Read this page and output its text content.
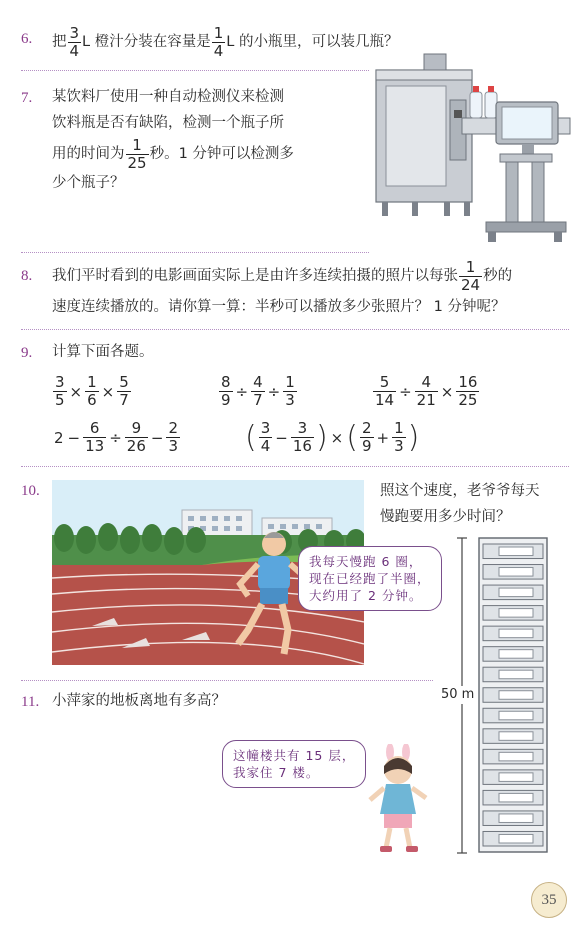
6. 把 $\frac{3}{4}$ L 橙汁分装在容量是 $\frac{1}{4}$ L 的小瓶里，可以装几瓶？
7. 某饮料厂使用一种自动检测仪来检测
饮料瓶是否有缺陷，检测一个瓶子所
用的时间为 $\frac{1}{25}$ 秒。1 分钟可以检测多
少个瓶子？
8. 我们平时看到的电影画面实际上是由许多连续拍摄的照片以每张 $\frac{1}{24}$ 秒的
速度连续播放的。请你算一算：半秒可以播放多少张照片？ 1 分钟呢？
9. 计算下面各题。
$\frac{3}{5} \times \frac{1}{6} \times \frac{5}{7}$	$\frac{8}{9} \div \frac{4}{7} \div \frac{1}{3}$	$\frac{5}{14} \div \frac{4}{21} \times \frac{16}{25}$
$2 - \frac{6}{13} \div \frac{9}{26} - \frac{2}{3}$ ( $\frac{3}{4} - \frac{3}{16}$ ) × ( $\frac{2}{9} + \frac{1}{3}$ )
10.	照这个速度，老爷爷每天
慢跑要用多少时间？
我每天慢跑 6 圈，
现在已经跑了半圈，
大约用了 2 分钟。
50 m
11. 小萍家的地板离地有多高？
这幢楼共有 15 层，
我家住 7 楼。
35
